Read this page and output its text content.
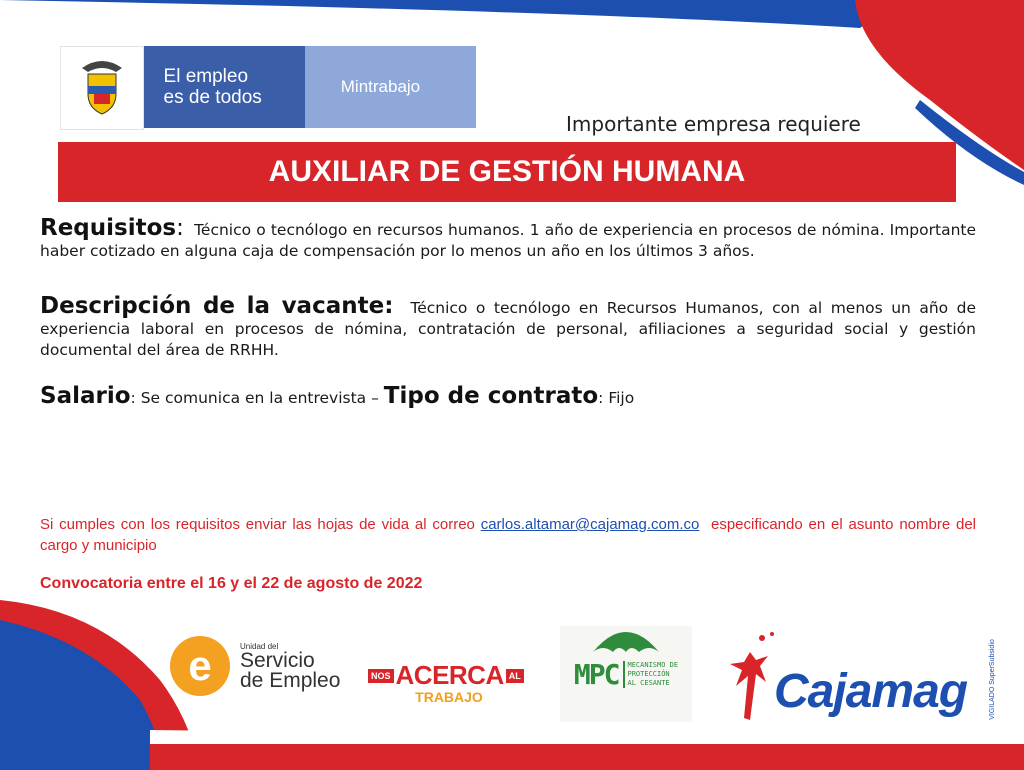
El empleo
es de todos
Mintrabajo
Importante empresa requiere
AUXILIAR DE GESTIÓN HUMANA
Requisitos: Técnico o tecnólogo en recursos humanos. 1 año de experiencia en procesos de nómina. Importante haber cotizado en alguna caja de compensación por lo menos un año en los últimos 3 años.
Descripción de la vacante: Técnico o tecnólogo en Recursos Humanos, con al menos un año de experiencia laboral en procesos de nómina, contratación de personal, afiliaciones a seguridad social y gestión documental del área de RRHH.
Salario: Se comunica en la entrevista – Tipo de contrato: Fijo
Si cumples con los requisitos enviar las hojas de vida al correo carlos.altamar@cajamag.com.co especificando en el asunto nombre del cargo y municipio
Convocatoria entre el 16 y el 22 de agosto de 2022
e	Unidad del
Servicio
de Empleo	NOS ACERCA AL
TRABAJO
MPC MECANISMO DE
PROTECCIÓN
AL CESANTE Cajamag	VIGILADO SuperSubsidio
